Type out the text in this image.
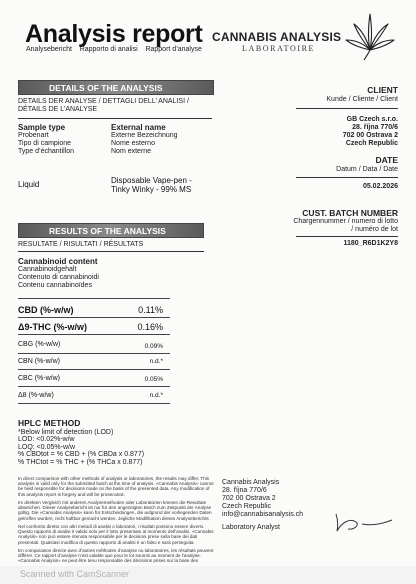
Analysis report
Analysebericht    Rapporto di analisi    Rapport d’analyse
CANNABIS ANALYSIS
LABORATOIRE
DETAILS OF THE ANALYSIS
DETAILS DER ANALYSE / DETTAGLI DELL’ ANALISI /
DÉTAILS DE L’ANALYSE
Sample type
Probenart
Tipo di campione
Type d’échantillon
External name
Externe Bezeichnung
Nome esterno
Nom externe
Liquid	Disposable Vape-pen -
Tinky Winky - 99% MS
CLIENT
Kunde / Cliente / Client
GB Czech s.r.o.
28. října 770/6
702 00 Ostrava 2
Czech Republic
DATE
Datum / Data / Date
05.02.2026
CUST. BATCH NUMBER
Chargennummer / numero di lotto
/ numéro de lot
1180_R6D1K2Y8
RESULTS OF THE ANALYSIS
RESULTATE / RISULTATI / RÉSULTATS
Cannabinoid content
Cannabinoidgehalt
Contenuto di cannabinoidi
Contenu cannabinoïdes
CBD (%-w/w)	0.11%
Δ9-THC (%-w/w)	0.16%
CBG (%-w/w)	0.09%
CBN (%-w/w)	n.d.*
CBC (%-w/w)	0.05%
Δ8 (%-w/w)	n.d.*
HPLC METHOD
*Below limit of detection (LOD)
LOD: <0.02%-w/w
LOQ: <0.05%-w/w
% CBDtot = % CBD + (% CBDa x 0.877)
% THCtot = % THC + (% THCa x 0.877)
In direct comparison with other methods of analysis or laboratories, the results may differ. This analysis is valid only for the submitted batch at the time of analysis. «Cannabis Analysis» cannot be held responsible for decisions made on the basis of the presented data. Any modification of this analysis report is forgery and will be prosecuted.
Im direkten Vergleich mit anderen Analysemethoden oder Laboratorien können die Resultate abweichen. Dieser Analysebericht ist nur für den angezeigten Batch zum Zeitpunkt der Analyse gültig. Die «Cannabis Analysis» kann für Entscheidungen, die aufgrund der vorliegenden Daten getroffen wurden, nicht haftbar gemacht werden. Jegliche Modifikation dieses Analyseberichts
Nel confronto diretto con altri metodi di analisi o laboratori, i risultati possono essere diversi. Questo rapporto di analisi è valido solo per il lotto presentato al momento dell’analisi. «Cannabis Analysis» non può essere ritenuta responsabile per le decisioni prese sulla base dei dati presentati. Qualsiasi modifica di questo rapporto di analisi è un falso e sarà perseguita.
En comparaison directe avec d’autres méthodes d’analyse ou laboratoires, les résultats peuvent différer. Ce rapport d’analyse n’est valable que pour le lot soumis au moment de l’analyse. «Cannabis Analysis» ne peut être tenu responsable des décisions prises sur la base des
Cannabis Analysis
28. října 770/6
702 00 Ostrava 2
Czech Republic
info@cannabisanalysis.ch
Laboratory Analyst
Scanned with CamScanner
